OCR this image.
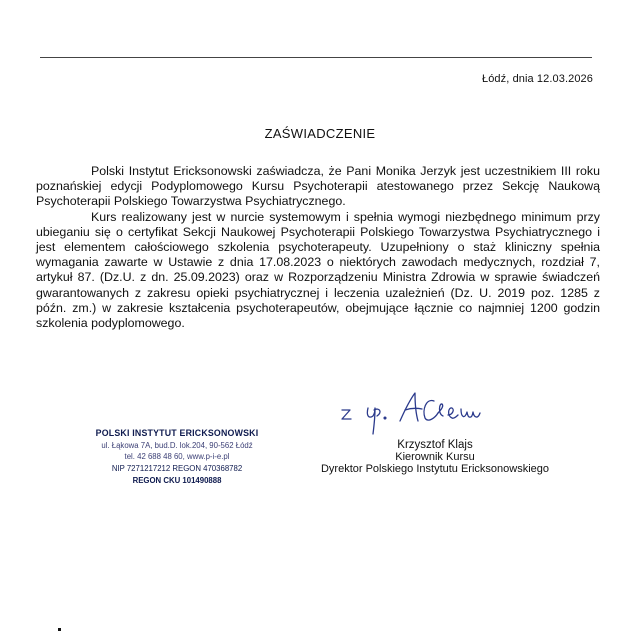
Łódź, dnia 12.03.2026
ZAŚWIADCZENIE

Polski Instytut Ericksonowski zaświadcza, że Pani Monika Jerzyk jest uczestnikiem III roku poznańskiej edycji Podyplomowego Kursu Psychoterapii atestowanego przez Sekcję Naukową Psychoterapii Polskiego Towarzystwa Psychiatrycznego.

Kurs realizowany jest w nurcie systemowym i spełnia wymogi niezbędnego minimum przy ubieganiu się o certyfikat Sekcji Naukowej Psychoterapii Polskiego Towarzystwa Psychiatrycznego i jest elementem całościowego szkolenia psychoterapeuty. Uzupełniony o staż kliniczny spełnia wymagania zawarte w Ustawie z dnia 17.08.2023 o niektórych zawodach medycznych, rozdział 7, artykuł 87. (Dz.U. z dn. 25.09.2023) oraz w Rozporządzeniu Ministra Zdrowia w sprawie świadczeń gwarantowanych z zakresu opieki psychiatrycznej i leczenia uzależnień (Dz. U. 2019 poz. 1285 z późn. zm.) w zakresie kształcenia psychoterapeutów, obejmujące łącznie co najmniej 1200 godzin szkolenia podyplomowego.

POLSKI INSTYTUT ERICKSONOWSKI
ul. Łąkowa 7A, bud.D. lok.204, 90-562 Łódź
tel. 42 688 48 60, www.p-i-e.pl
NIP 7271217212 REGON 470368782
REGON CKU 101490888
Krzysztof Klajs
Kierownik Kursu
Dyrektor Polskiego Instytutu Ericksonowskiego
